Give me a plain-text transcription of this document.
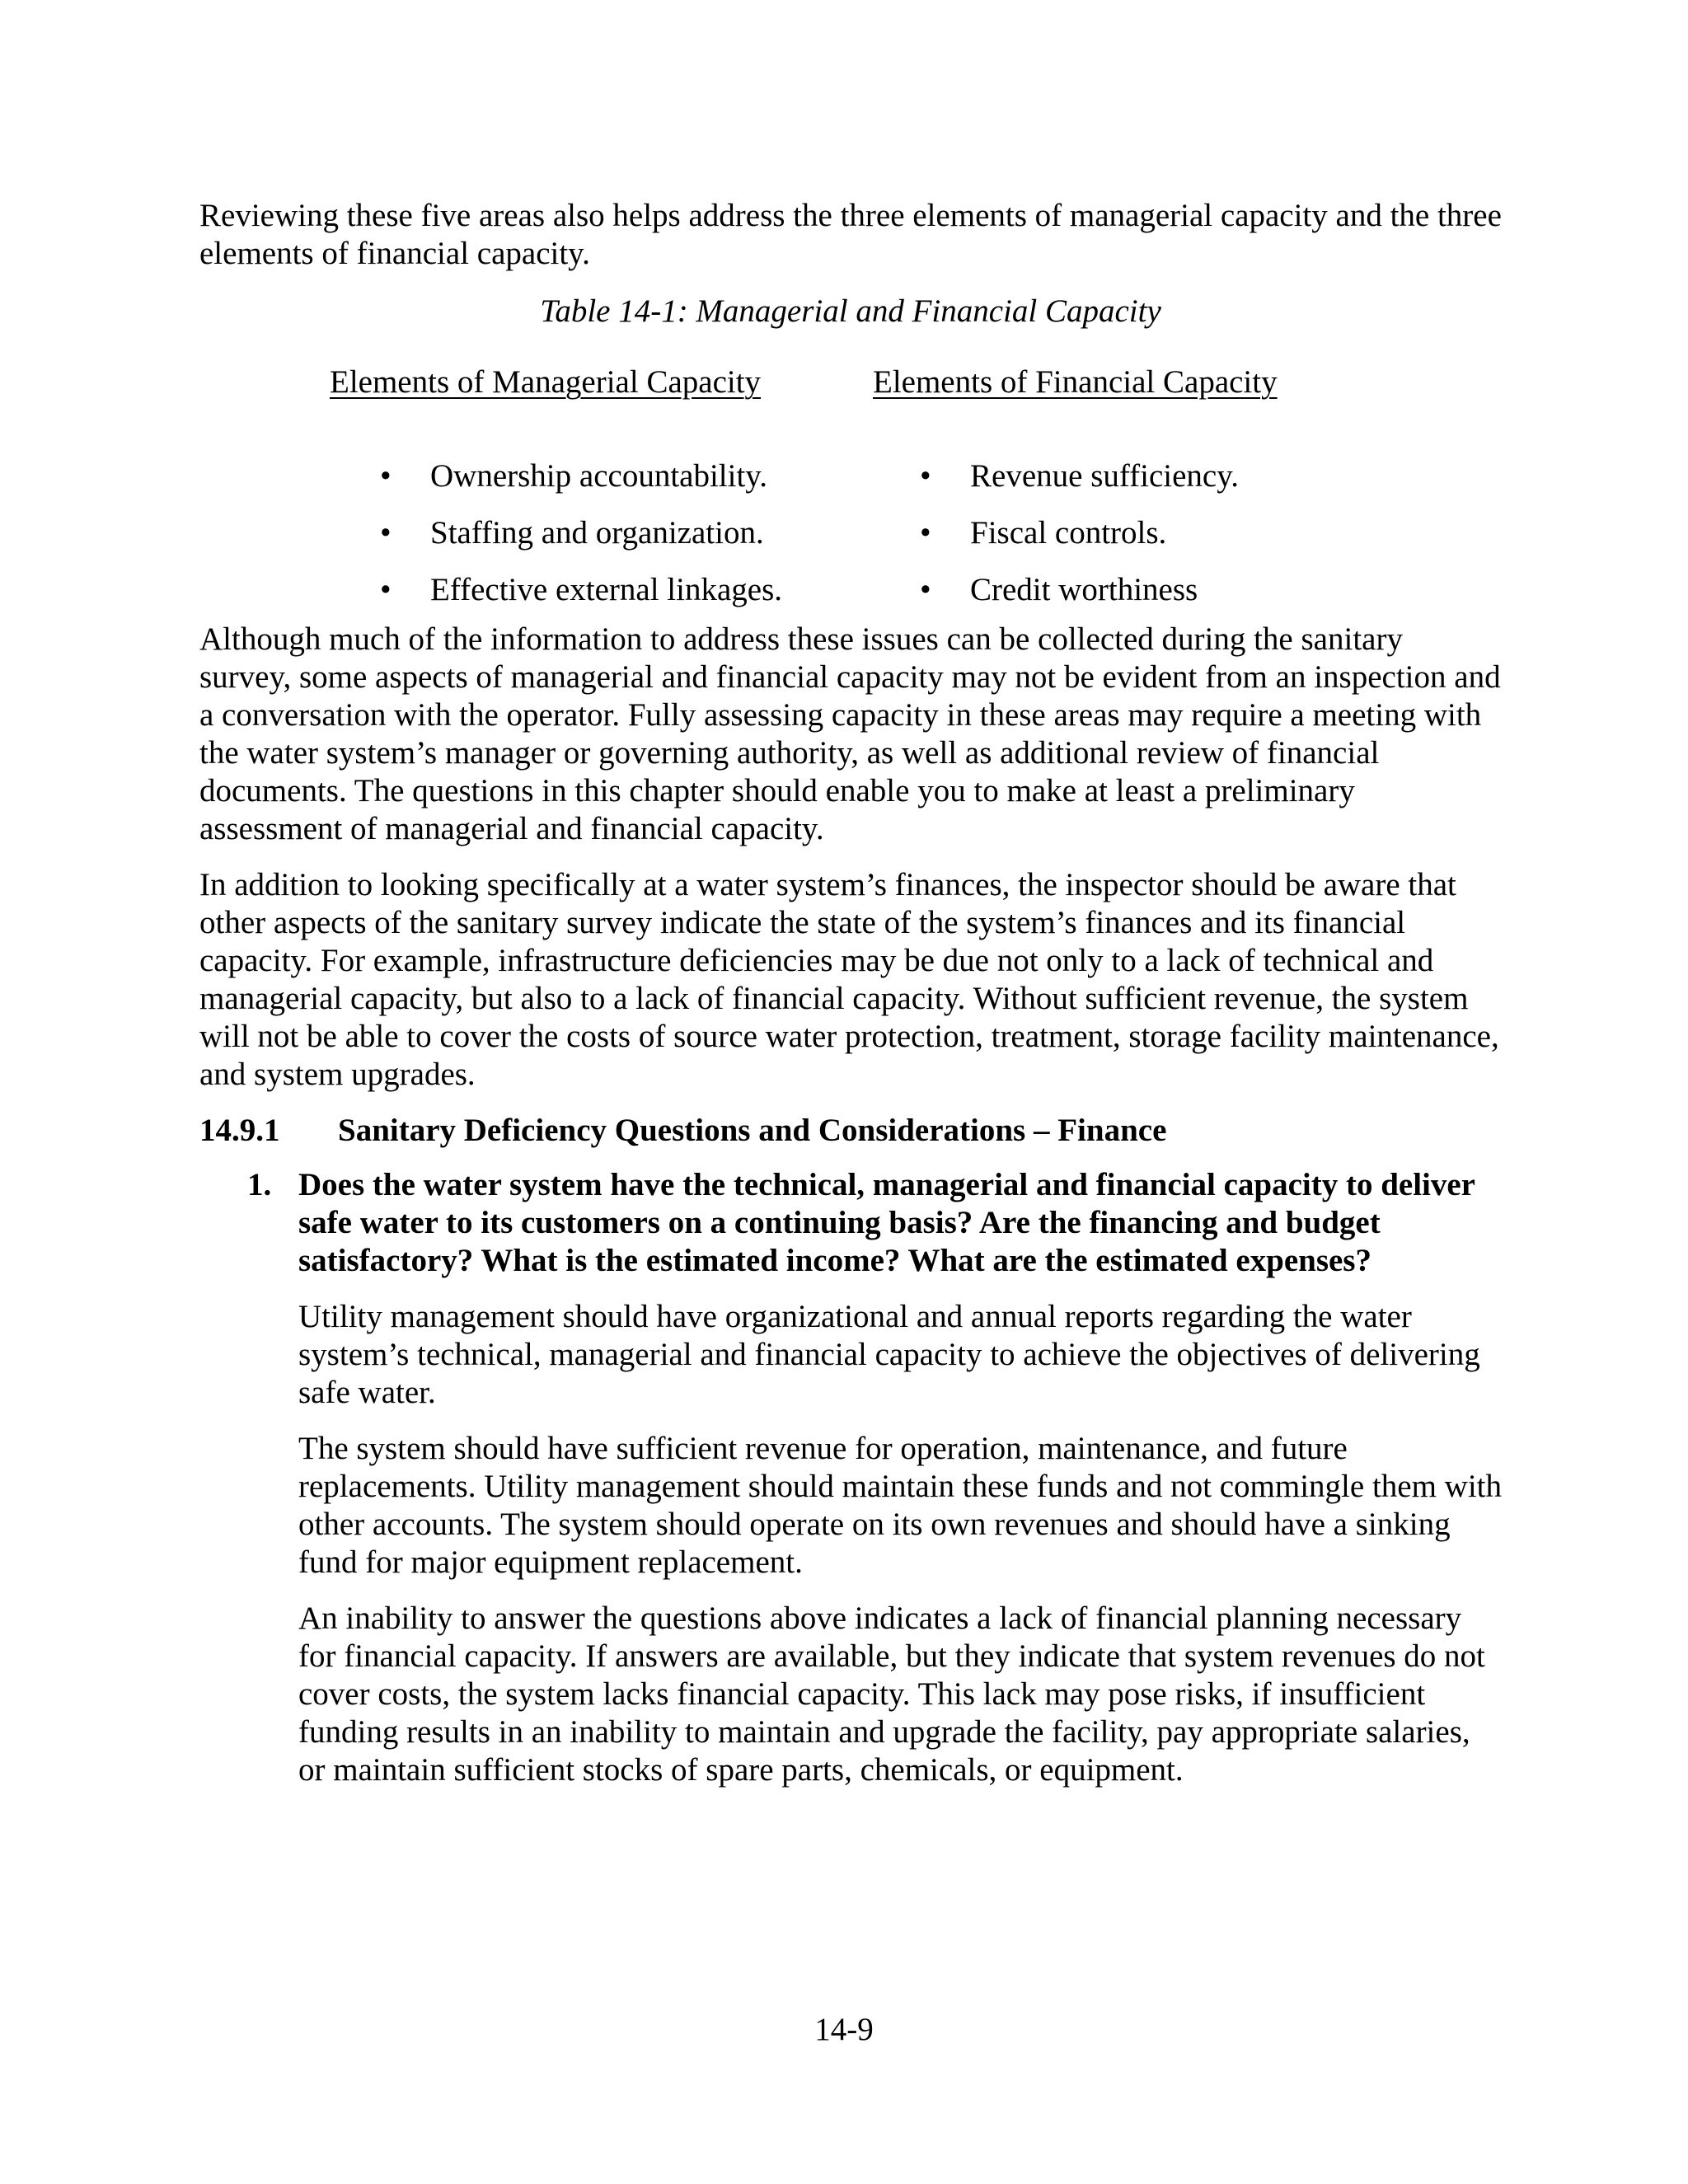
Reviewing these five areas also helps address the three elements of managerial capacity and the three elements of financial capacity.

Table 14-1: Managerial and Financial Capacity

Elements of Managerial Capacity
• Ownership accountability.
• Staffing and organization.
• Effective external linkages.
Elements of Financial Capacity
• Revenue sufficiency.
• Fiscal controls.
• Credit worthiness

Although much of the information to address these issues can be collected during the sanitary survey, some aspects of managerial and financial capacity may not be evident from an inspection and a conversation with the operator. Fully assessing capacity in these areas may require a meeting with the water system’s manager or governing authority, as well as additional review of financial documents. The questions in this chapter should enable you to make at least a preliminary assessment of managerial and financial capacity.

In addition to looking specifically at a water system’s finances, the inspector should be aware that other aspects of the sanitary survey indicate the state of the system’s finances and its financial capacity. For example, infrastructure deficiencies may be due not only to a lack of technical and managerial capacity, but also to a lack of financial capacity. Without sufficient revenue, the system will not be able to cover the costs of source water protection, treatment, storage facility maintenance, and system upgrades.

14.9.1 Sanitary Deficiency Questions and Considerations – Finance
1. Does the water system have the technical, managerial and financial capacity to deliver safe water to its customers on a continuing basis? Are the financing and budget satisfactory? What is the estimated income? What are the estimated expenses?

Utility management should have organizational and annual reports regarding the water system’s technical, managerial and financial capacity to achieve the objectives of delivering safe water.

The system should have sufficient revenue for operation, maintenance, and future replacements. Utility management should maintain these funds and not commingle them with other accounts. The system should operate on its own revenues and should have a sinking fund for major equipment replacement.

An inability to answer the questions above indicates a lack of financial planning necessary for financial capacity. If answers are available, but they indicate that system revenues do not cover costs, the system lacks financial capacity. This lack may pose risks, if insufficient funding results in an inability to maintain and upgrade the facility, pay appropriate salaries, or maintain sufficient stocks of spare parts, chemicals, or equipment.

14-9
